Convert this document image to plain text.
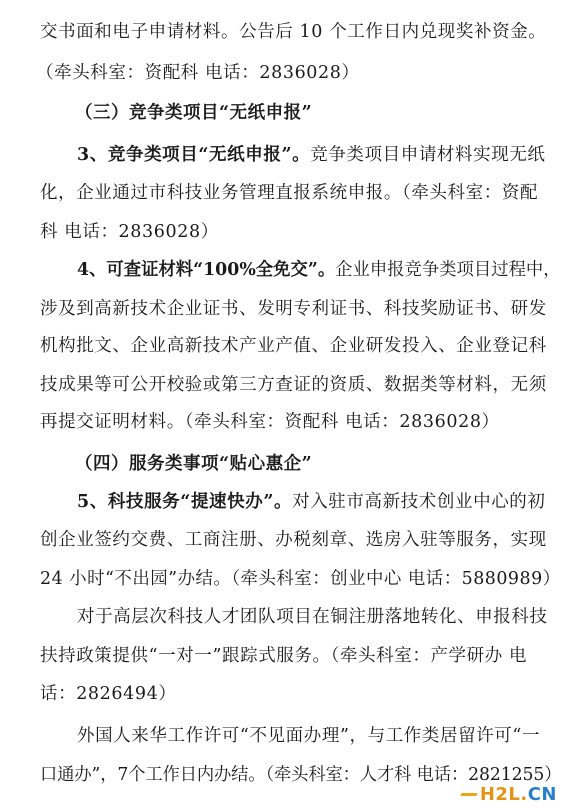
交书面和电子申请材料。公告后 10 个工作日内兑现奖补资金。
（牵头科室：资配科 电话：2836028）
（三）竞争类项目“无纸申报”
3、竞争类项目“无纸申报”。竞争类项目申请材料实现无纸
化，企业通过市科技业务管理直报系统申报。（牵头科室：资配
科 电话：2836028）
4、可查证材料“100%全免交”。企业申报竞争类项目过程中，
涉及到高新技术企业证书、发明专利证书、科技奖励证书、研发
机构批文、企业高新技术产业产值、企业研发投入、企业登记科
技成果等可公开校验或第三方查证的资质、数据类等材料，无须
再提交证明材料。（牵头科室：资配科 电话：2836028）
（四）服务类事项“贴心惠企”
5、科技服务“提速快办”。对入驻市高新技术创业中心的初
创企业签约交费、工商注册、办税刻章、选房入驻等服务，实现
24 小时“不出园”办结。（牵头科室：创业中心 电话：5880989）
对于高层次科技人才团队项目在铜注册落地转化、申报科技
扶持政策提供“一对一”跟踪式服务。（牵头科室：产学研办 电
话：2826494）
外国人来华工作许可“不见面办理”，与工作类居留许可“一
口通办”，7个工作日内办结。（牵头科室：人才科 电话：2821255）
H2L . CN
